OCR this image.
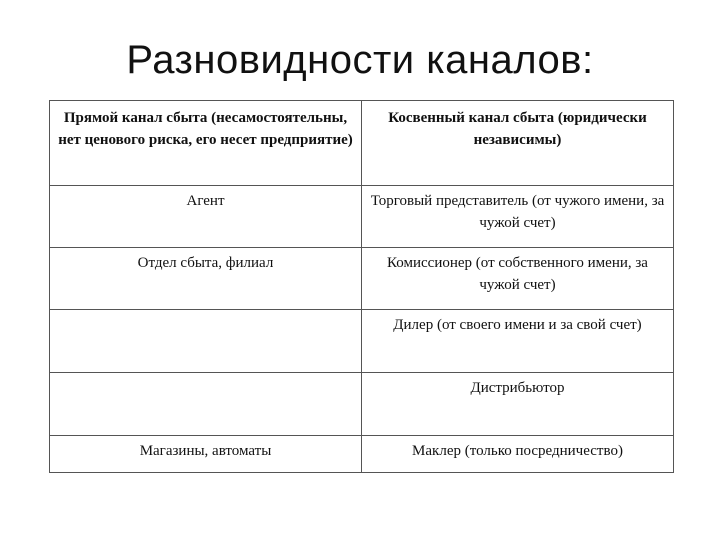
Разновидности каналов:
Прямой канал сбыта (несамостоятельны, нет ценового риска, его несет предприятие)	Косвенный канал сбыта (юридически независимы)
Агент	Торговый представитель (от чужого имени, за чужой счет)
Отдел сбыта, филиал	Комиссионер (от собственного имени, за чужой счет)
	Дилер (от своего имени и за свой счет)
	Дистрибьютор
Магазины, автоматы	Маклер (только посредничество)
